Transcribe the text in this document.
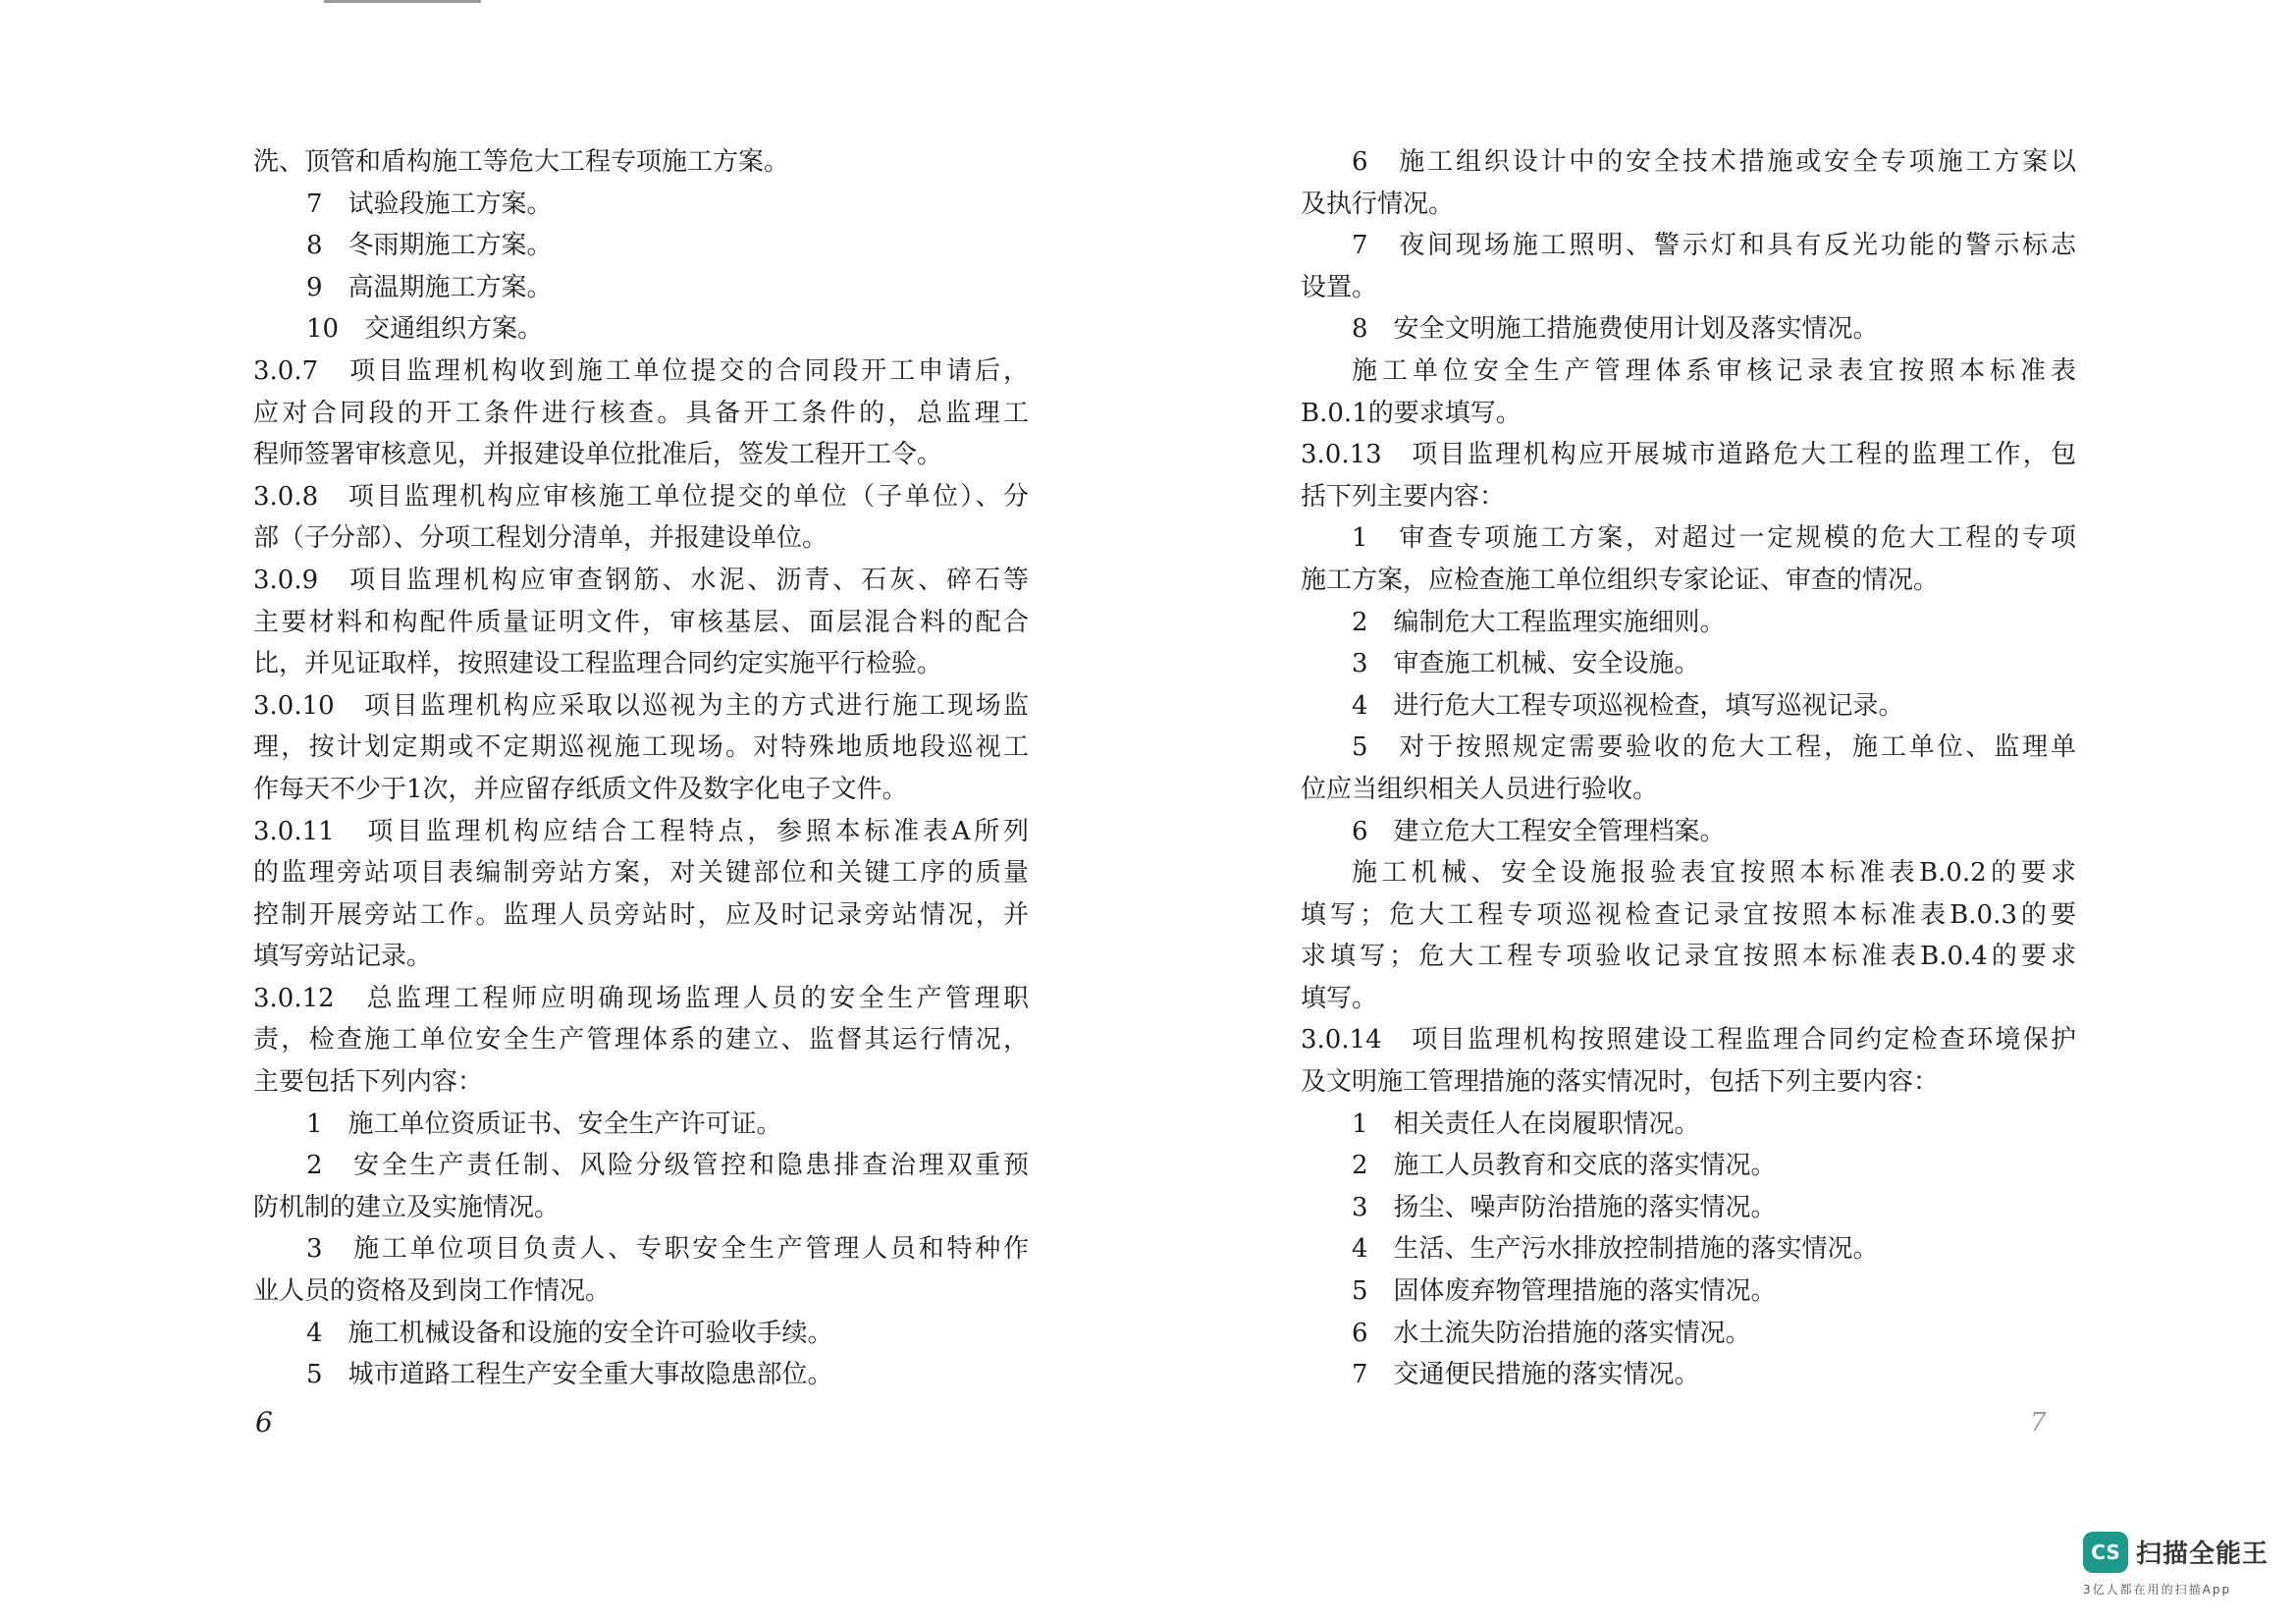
洗、顶管和盾构施工等危大工程专项施工方案。
7　试验段施工方案。
8　冬雨期施工方案。
9　高温期施工方案。
10　交通组织方案。
3.0.7　项目监理机构收到施工单位提交的合同段开工申请后，
应对合同段的开工条件进行核查。具备开工条件的，总监理工
程师签署审核意见，并报建设单位批准后，签发工程开工令。
3.0.8　项目监理机构应审核施工单位提交的单位（子单位）、分
部（子分部）、分项工程划分清单，并报建设单位。
3.0.9　项目监理机构应审查钢筋、水泥、沥青、石灰、碎石等
主要材料和构配件质量证明文件，审核基层、面层混合料的配合
比，并见证取样，按照建设工程监理合同约定实施平行检验。
3.0.10　项目监理机构应采取以巡视为主的方式进行施工现场监
理，按计划定期或不定期巡视施工现场。对特殊地质地段巡视工
作每天不少于1次，并应留存纸质文件及数字化电子文件。
3.0.11　项目监理机构应结合工程特点，参照本标准表A所列
的监理旁站项目表编制旁站方案，对关键部位和关键工序的质量
控制开展旁站工作。监理人员旁站时，应及时记录旁站情况，并
填写旁站记录。
3.0.12　总监理工程师应明确现场监理人员的安全生产管理职
责，检查施工单位安全生产管理体系的建立、监督其运行情况，
主要包括下列内容：
1　施工单位资质证书、安全生产许可证。
2　安全生产责任制、风险分级管控和隐患排查治理双重预
防机制的建立及实施情况。
3　施工单位项目负责人、专职安全生产管理人员和特种作
业人员的资格及到岗工作情况。
4　施工机械设备和设施的安全许可验收手续。
5　城市道路工程生产安全重大事故隐患部位。
6
6　施工组织设计中的安全技术措施或安全专项施工方案以
及执行情况。
7　夜间现场施工照明、警示灯和具有反光功能的警示标志
设置。
8　安全文明施工措施费使用计划及落实情况。
施工单位安全生产管理体系审核记录表宜按照本标准表
B.0.1的要求填写。
3.0.13　项目监理机构应开展城市道路危大工程的监理工作，包
括下列主要内容：
1　审查专项施工方案，对超过一定规模的危大工程的专项
施工方案，应检查施工单位组织专家论证、审查的情况。
2　编制危大工程监理实施细则。
3　审查施工机械、安全设施。
4　进行危大工程专项巡视检查，填写巡视记录。
5　对于按照规定需要验收的危大工程，施工单位、监理单
位应当组织相关人员进行验收。
6　建立危大工程安全管理档案。
施工机械、安全设施报验表宜按照本标准表B.0.2的要求
填写；危大工程专项巡视检查记录宜按照本标准表B.0.3的要
求填写；危大工程专项验收记录宜按照本标准表B.0.4的要求
填写。
3.0.14　项目监理机构按照建设工程监理合同约定检查环境保护
及文明施工管理措施的落实情况时，包括下列主要内容：
1　相关责任人在岗履职情况。
2　施工人员教育和交底的落实情况。
3　扬尘、噪声防治措施的落实情况。
4　生活、生产污水排放控制措施的落实情况。
5　固体废弃物管理措施的落实情况。
6　水土流失防治措施的落实情况。
7　交通便民措施的落实情况。
7
CS 扫描全能王
3亿人都在用的扫描App
